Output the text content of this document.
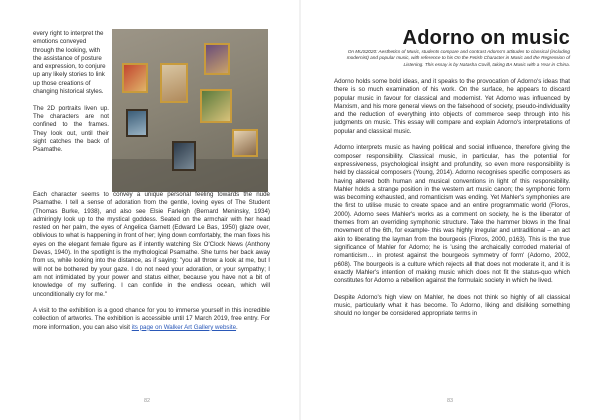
every right to interpret the emotions conveyed through the looking, with the assistance of posture and expression, to conjure up any likely stories to link up those creations of changing historical styles.

The 2D portraits liven up. The characters are not confined to the frames. They look out, until their sight catches the back of Psamathe.

Each character seems to convey a unique personal feeling towards the nude Psamathe. I tell a sense of adoration from the gentle, loving eyes of The Student (Thomas Burke, 1938), and also see Elsie Farleigh (Bernard Meninsky, 1934) admiringly look up to the mystical goddess. Seated on the armchair with her head rested on her palm, the eyes of Angelica Garnett (Edward Le Bas, 1950) glaze over, oblivious to what is happening in front of her; lying down comfortably, the man fixes his eyes on the elegant female figure as if intently watching Six O'Clock News (Anthony Devas, 1940). In the spotlight is the mythological Psamathe. She turns her back away from us, while looking into the distance, as if saying: "you all throw a look at me, but I will not be bothered by your gaze. I do not need your adoration, or your sympathy; I am not intimidated by your power and status either, because you have not a bit of knowledge of my suffering. I can confide in the endless ocean, which will unconditionally cry for me."

A visit to the exhibition is a good chance for you to immerse yourself in this incredible collection of artworks. The exhibition is accessible until 17 March 2019, free entry. For more information, you can also visit its page on Walker Art Gallery website.

82
Adorno on music
On MUS2020: Aesthetics of Music, students compare and contrast Adorno's attitudes to classical (including modernist) and popular music, with reference to his On the Fetish Character in Music and the Regression of Listening. This essay is by Natasha Covill, taking BA Music with a Year in China.

Adorno holds some bold ideas, and it speaks to the provocation of Adorno's ideas that there is so much examination of his work. On the surface, he appears to discard popular music in favour for classical and modernist. Yet Adorno was influenced by Marxism, and his more general views on the falsehood of society, pseudo-individuality and the reduction of everything into objects of commerce seep through into his judgments on music. This essay will compare and explain Adorno's interpretations of popular and classical music.

Adorno interprets music as having political and social influence, therefore giving the composer responsibility. Classical music, in particular, has the potential for expressiveness, psychological insight and profundity, so even more responsibility is held by classical composers (Young, 2014). Adorno recognises specific composers as having altered both human and musical conventions in light of this responsibility. Mahler holds a strange position in the western art music canon; the symphonic form was becoming exhausted, and romanticism was ending. Yet Mahler's symphonies are the first to utilise music to create space and an entire programmatic world (Floros, 2000). Adorno sees Mahler's works as a comment on society, he is the liberator of themes from an overriding symphonic structure. Take the hammer blows in the final movement of the 6th, for example- this was highly irregular and untraditional – an act akin to liberating the layman from the bourgeois (Floros, 2000, p163). This is the true significance of Mahler for Adorno; he is 'using the archaically corroded material of romanticism… in protest against the bourgeois symmetry of form' (Adorno, 2002, p608). The bourgeois is a culture which rejects all that does not moderate it, and it is exactly Mahler's intention of making music which does not fit the status-quo which constitutes for Adorno a rebellion against the formulaic society in which he lived.

Despite Adorno's high view on Mahler, he does not think so highly of all classical music, particularly what it has become. To Adorno, liking and disliking something should no longer be considered appropriate terms in

83
